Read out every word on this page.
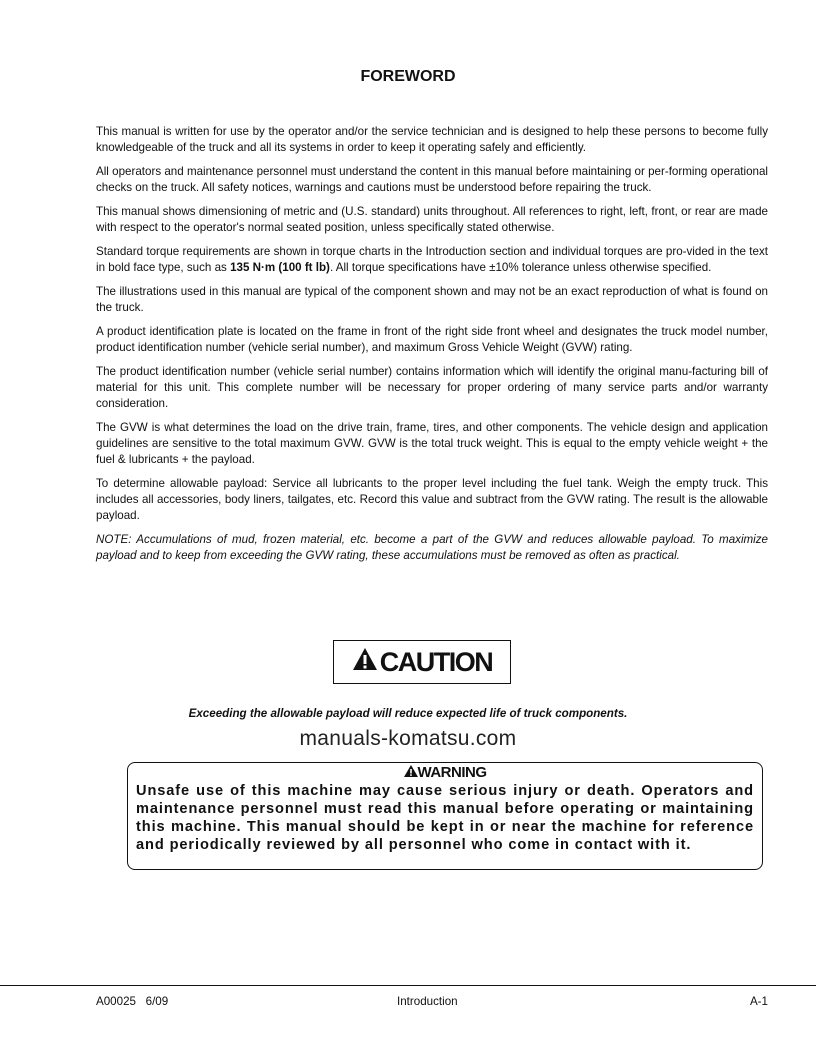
FOREWORD

This manual is written for use by the operator and/or the service technician and is designed to help these persons to become fully knowledgeable of the truck and all its systems in order to keep it operating safely and efficiently.

All operators and maintenance personnel must understand the content in this manual before maintaining or per-forming operational checks on the truck. All safety notices, warnings and cautions must be understood before repairing the truck.

This manual shows dimensioning of metric and (U.S. standard) units throughout. All references to right, left, front, or rear are made with respect to the operator's normal seated position, unless specifically stated otherwise.

Standard torque requirements are shown in torque charts in the Introduction section and individual torques are pro-vided in the text in bold face type, such as 135 N·m (100 ft lb). All torque specifications have ±10% tolerance unless otherwise specified.

The illustrations used in this manual are typical of the component shown and may not be an exact reproduction of what is found on the truck.

A product identification plate is located on the frame in front of the right side front wheel and designates the truck model number, product identification number (vehicle serial number), and maximum Gross Vehicle Weight (GVW) rating.

The product identification number (vehicle serial number) contains information which will identify the original manu-facturing bill of material for this unit. This complete number will be necessary for proper ordering of many service parts and/or warranty consideration.

The GVW is what determines the load on the drive train, frame, tires, and other components. The vehicle design and application guidelines are sensitive to the total maximum GVW. GVW is the total truck weight. This is equal to the empty vehicle weight + the fuel & lubricants + the payload.

To determine allowable payload: Service all lubricants to the proper level including the fuel tank. Weigh the empty truck. This includes all accessories, body liners, tailgates, etc. Record this value and subtract from the GVW rating. The result is the allowable payload.

NOTE: Accumulations of mud, frozen material, etc. become a part of the GVW and reduces allowable payload. To maximize payload and to keep from exceeding the GVW rating, these accumulations must be removed as often as practical.

CAUTION
Exceeding the allowable payload will reduce expected life of truck components.
manuals-komatsu.com
WARNING
Unsafe use of this machine may cause serious injury or death. Operators and maintenance personnel must read this manual before operating or maintaining this machine. This manual should be kept in or near the machine for reference and periodically reviewed by all personnel who come in contact with it.
A00025   6/09	Introduction	A-1
